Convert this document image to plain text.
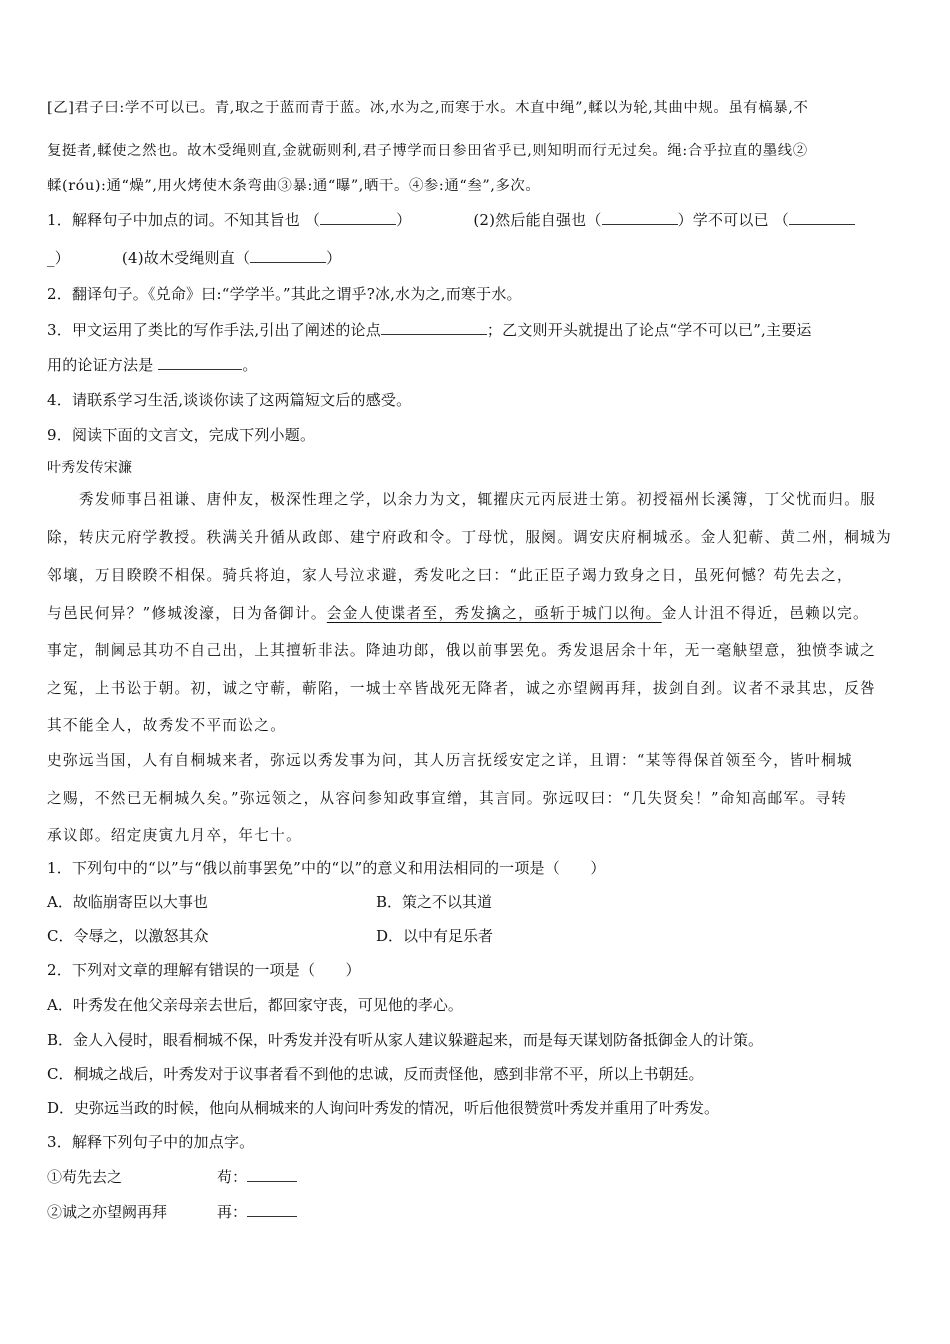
[乙]君子曰:学不可以已。青,取之于蓝而青于蓝。冰,水为之,而寒于水。木直中绳”,輮以为轮,其曲中规。虽有槁暴,不
复挺者,輮使之然也。故木受绳则直,金就砺则利,君子博学而日参田省乎已,则知明而行无过矣。绳:合乎拉直的墨线②
輮(róu):通“燥”,用火烤使木条弯曲③暴:通“曝”,晒干。④参:通“叁”,多次。
1．解释句子中加点的词。不知其旨也 （	）	(2)然后能自强也（	）学不可以已 （
_）	(4)故木受绳则直（	）
2．翻译句子。《兑命》曰:“学学半。”其此之谓乎?冰,水为之,而寒于水。
3．甲文运用了类比的写作手法,引出了阐述的论点	；乙文则开头就提出了论点“学不可以已”,主要运
用的论证方法是	。
4．请联系学习生活,谈谈你读了这两篇短文后的感受。
9．阅读下面的文言文，完成下列小题。
叶秀发传宋濂
　　秀发师事吕祖谦、唐仲友，极深性理之学，以余力为文，辄擢庆元丙辰进士第。初授福州长溪簿，丁父忧而归。服
除，转庆元府学教授。秩满关升循从政郎、建宁府政和令。丁母忧，服阕。调安庆府桐城丞。金人犯蕲、黄二州，桐城为
邻壤，万目睽睽不相保。骑兵将迫，家人号泣求避，秀发叱之曰：“此正臣子竭力致身之日，虽死何憾？苟先去之，
与邑民何异？”修城浚濠，日为备御计。会金人使谍者至，秀发擒之，亟斩于城门以徇。金人计沮不得近，邑赖以完。
事定，制阃忌其功不自己出，上其擅斩非法。降迪功郎，俄以前事罢免。秀发退居余十年，无一毫觖望意，独愤李诚之
之冤，上书讼于朝。初，诚之守蕲，蕲陷，一城士卒皆战死无降者，诚之亦望阙再拜，拔剑自刭。议者不录其忠，反咎
其不能全人，故秀发不平而讼之。
史弥远当国，人有自桐城来者，弥远以秀发事为问，其人历言抚绥安定之详，且谓：“某等得保首领至今，皆叶桐城
之赐，不然已无桐城久矣。”弥远领之，从容问参知政事宣缯，其言同。弥远叹曰：“几失贤矣！”命知高邮军。寻转
承议郎。绍定庚寅九月卒，年七十。
1．下列句中的“以”与“俄以前事罢免”中的“以”的意义和用法相同的一项是（　　）
A．故临崩寄臣以大事也	B．策之不以其道
C．令辱之，以激怒其众	D．以中有足乐者
2．下列对文章的理解有错误的一项是（　　）
A．叶秀发在他父亲母亲去世后，都回家守丧，可见他的孝心。
B．金人入侵时，眼看桐城不保，叶秀发并没有听从家人建议躲避起来，而是每天谋划防备抵御金人的计策。
C．桐城之战后，叶秀发对于议事者看不到他的忠诚，反而责怪他，感到非常不平，所以上书朝廷。
D．史弥远当政的时候，他向从桐城来的人询问叶秀发的情况，听后他很赞赏叶秀发并重用了叶秀发。
3．解释下列句子中的加点字。
①苟先去之	苟：
②诚之亦望阙再拜	再：
